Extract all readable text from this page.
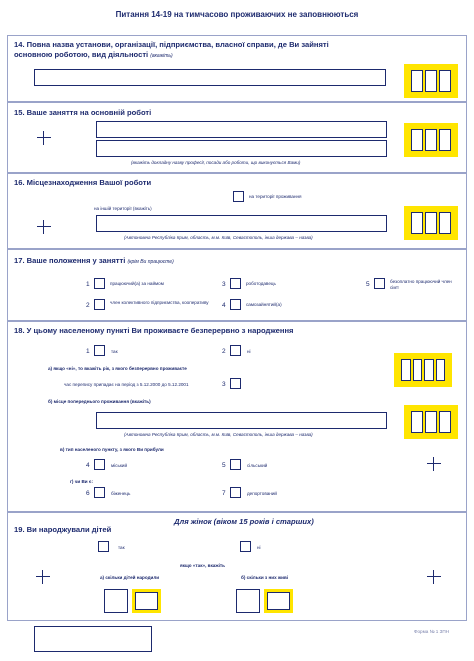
Питання 14-19 на тимчасово проживаючих не заповнюються
14. Повна назва установи, організації, підприємства, власної справи, де Ви зайняті основною роботою, вид діяльності (вкажіть)
15. Ваше заняття на основній роботі
(вкажіть докладну назву професії, посади або роботи, що виконується Вами)
16. Місцезнаходження Вашої роботи
на території проживання
на іншій території (вкажіть)
(Автономна Республіка Крим, область, м.м. Київ, Севастополь, інша держава – назва)
17. Ваше положення у занятті (крім Ви працюєте)
1	працюючий(а) за наймом	3	роботодавець	5	безоплатно працюючий член сім'ї
2	член колективного підприємства, кооперативу 4	самозайнятий(а)
18. У цьому населеному пункті Ви проживаєте безперервно з народження
1	так	2	ні
а) якщо «ні», то вкажіть рік, з якого безперервно проживаєте
час перепису припадає на період з 5.12.2000 до 5.12.2001	3
б) місце попереднього проживання (вкажіть)
(Автономна Республіка Крим, область, м.м. Київ, Севастополь, інша держава – назва)
в) тип населеного пункту, з якого Ви прибули
4	міський	5	сільський
г) чи Ви є:
6	біженець	7	депортований
Для жінок (віком 15 років і старших)
19. Ви народжували дітей
так	ні
якщо «так», вкажіть
а) скільки дітей народили	б) скільки з них живі
Форма № 1 ЗПН
